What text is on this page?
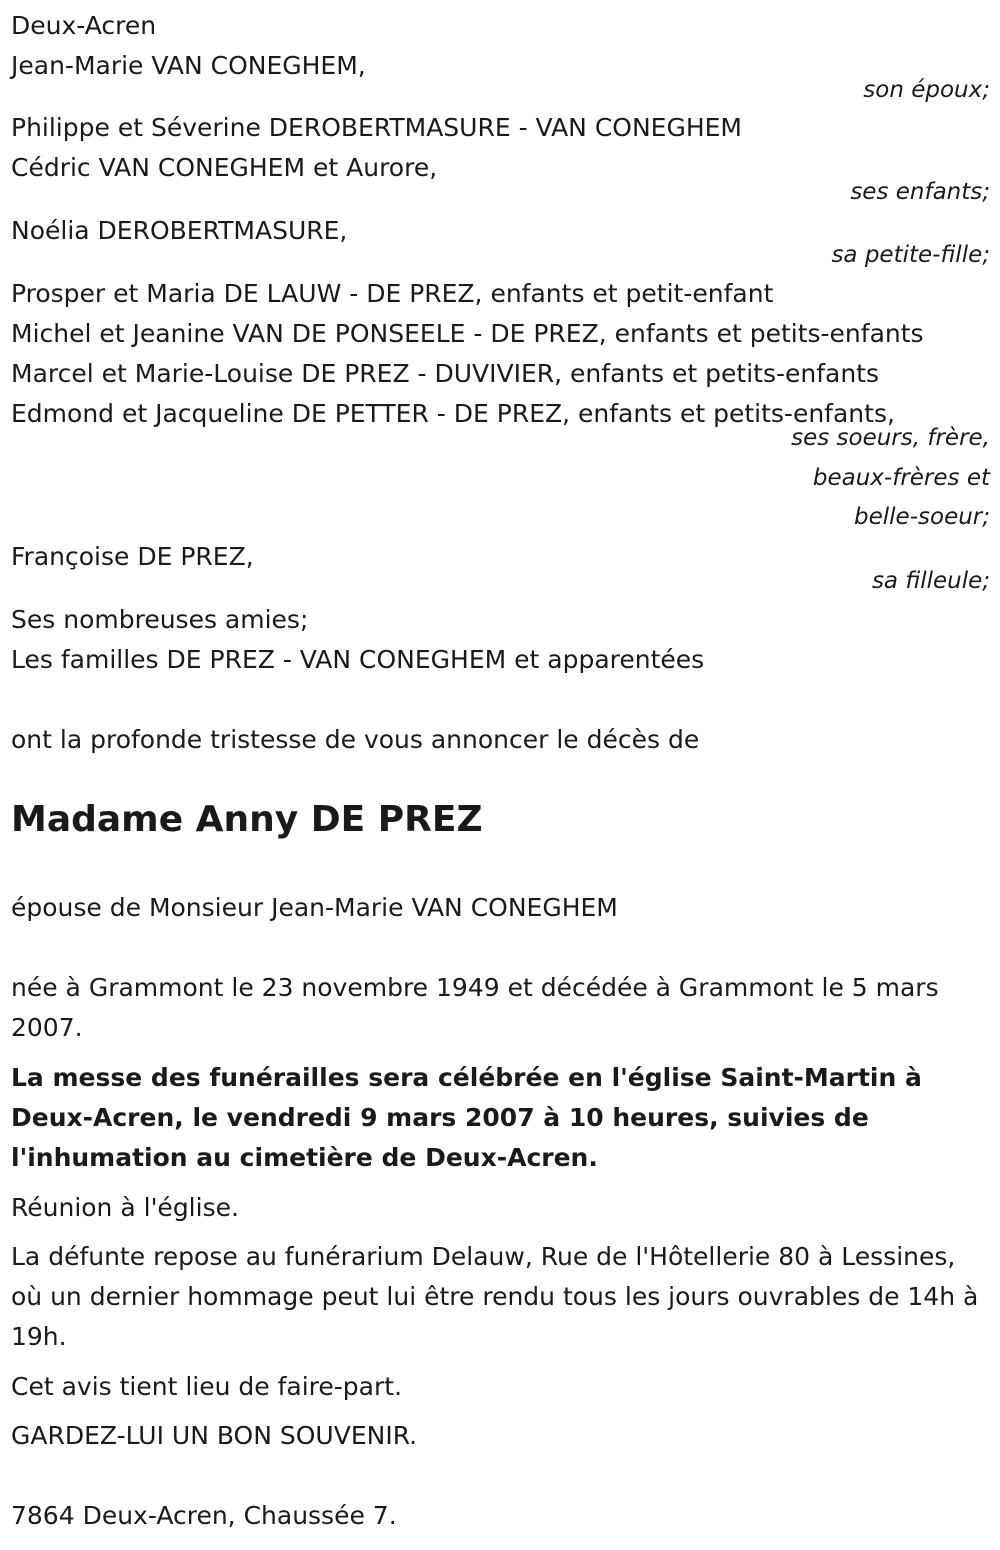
Deux-Acren

Jean-Marie VAN CONEGHEM,

son époux;

Philippe et Séverine DEROBERTMASURE - VAN CONEGHEM

Cédric VAN CONEGHEM et Aurore,

ses enfants;

Noélia DEROBERTMASURE,

sa petite-fille;

Prosper et Maria DE LAUW - DE PREZ, enfants et petit-enfant

Michel et Jeanine VAN DE PONSEELE - DE PREZ, enfants et petits-enfants

Marcel et Marie-Louise DE PREZ - DUVIVIER, enfants et petits-enfants

Edmond et Jacqueline DE PETTER - DE PREZ, enfants et petits-enfants,

ses soeurs, frère,
beaux-frères et
belle-soeur;

Françoise DE PREZ,

sa filleule;

Ses nombreuses amies;

Les familles DE PREZ - VAN CONEGHEM et apparentées

ont la profonde tristesse de vous annoncer le décès de

Madame Anny DE PREZ

épouse de Monsieur Jean-Marie VAN CONEGHEM

née à Grammont le 23 novembre 1949 et décédée à Grammont le 5 mars 2007.

La messe des funérailles sera célébrée en l'église Saint-Martin à Deux-Acren, le vendredi 9 mars 2007 à 10 heures, suivies de l'inhumation au cimetière de Deux-Acren.

Réunion à l'église.

La défunte repose au funérarium Delauw, Rue de l'Hôtellerie 80 à Lessines, où un dernier hommage peut lui être rendu tous les jours ouvrables de 14h à 19h.

Cet avis tient lieu de faire-part.

GARDEZ-LUI UN BON SOUVENIR.

7864 Deux-Acren, Chaussée 7.
